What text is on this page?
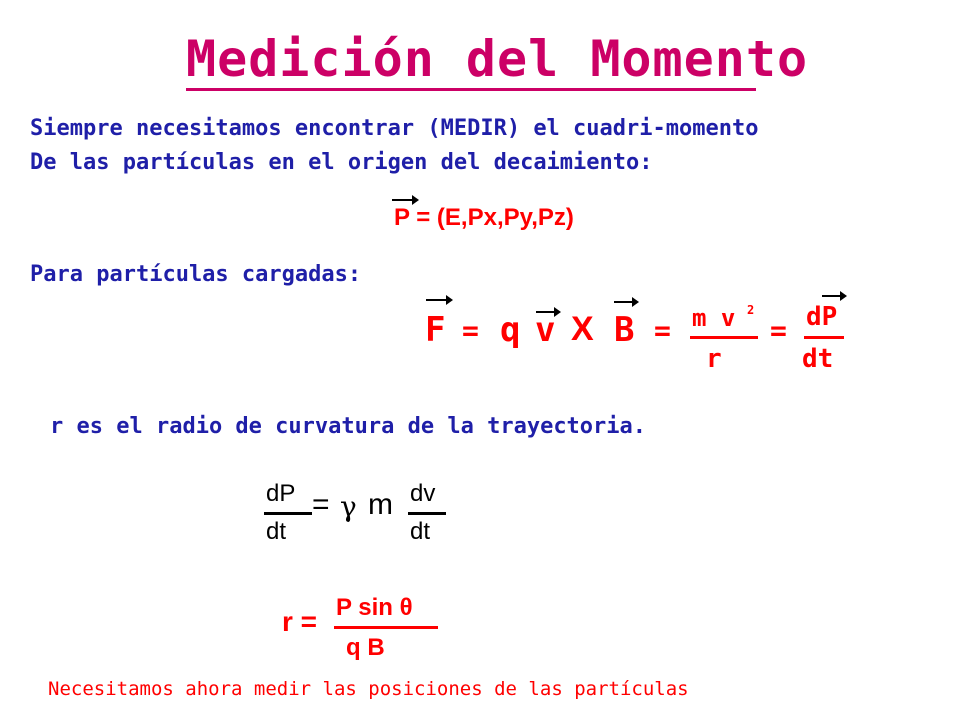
Medición del Momento
Siempre necesitamos encontrar (MEDIR) el cuadri-momento
De las partículas en el origen del decaimiento:
P = (E,Px,Py,Pz)
Para partículas cargadas:
F = q v X B = m v 2
r
= dP
dt
r es el radio de curvatura de la trayectoria.
dP
dt
= γ m dv
dt
r = P sin θ
q B
Necesitamos ahora medir las posiciones de las partículas
